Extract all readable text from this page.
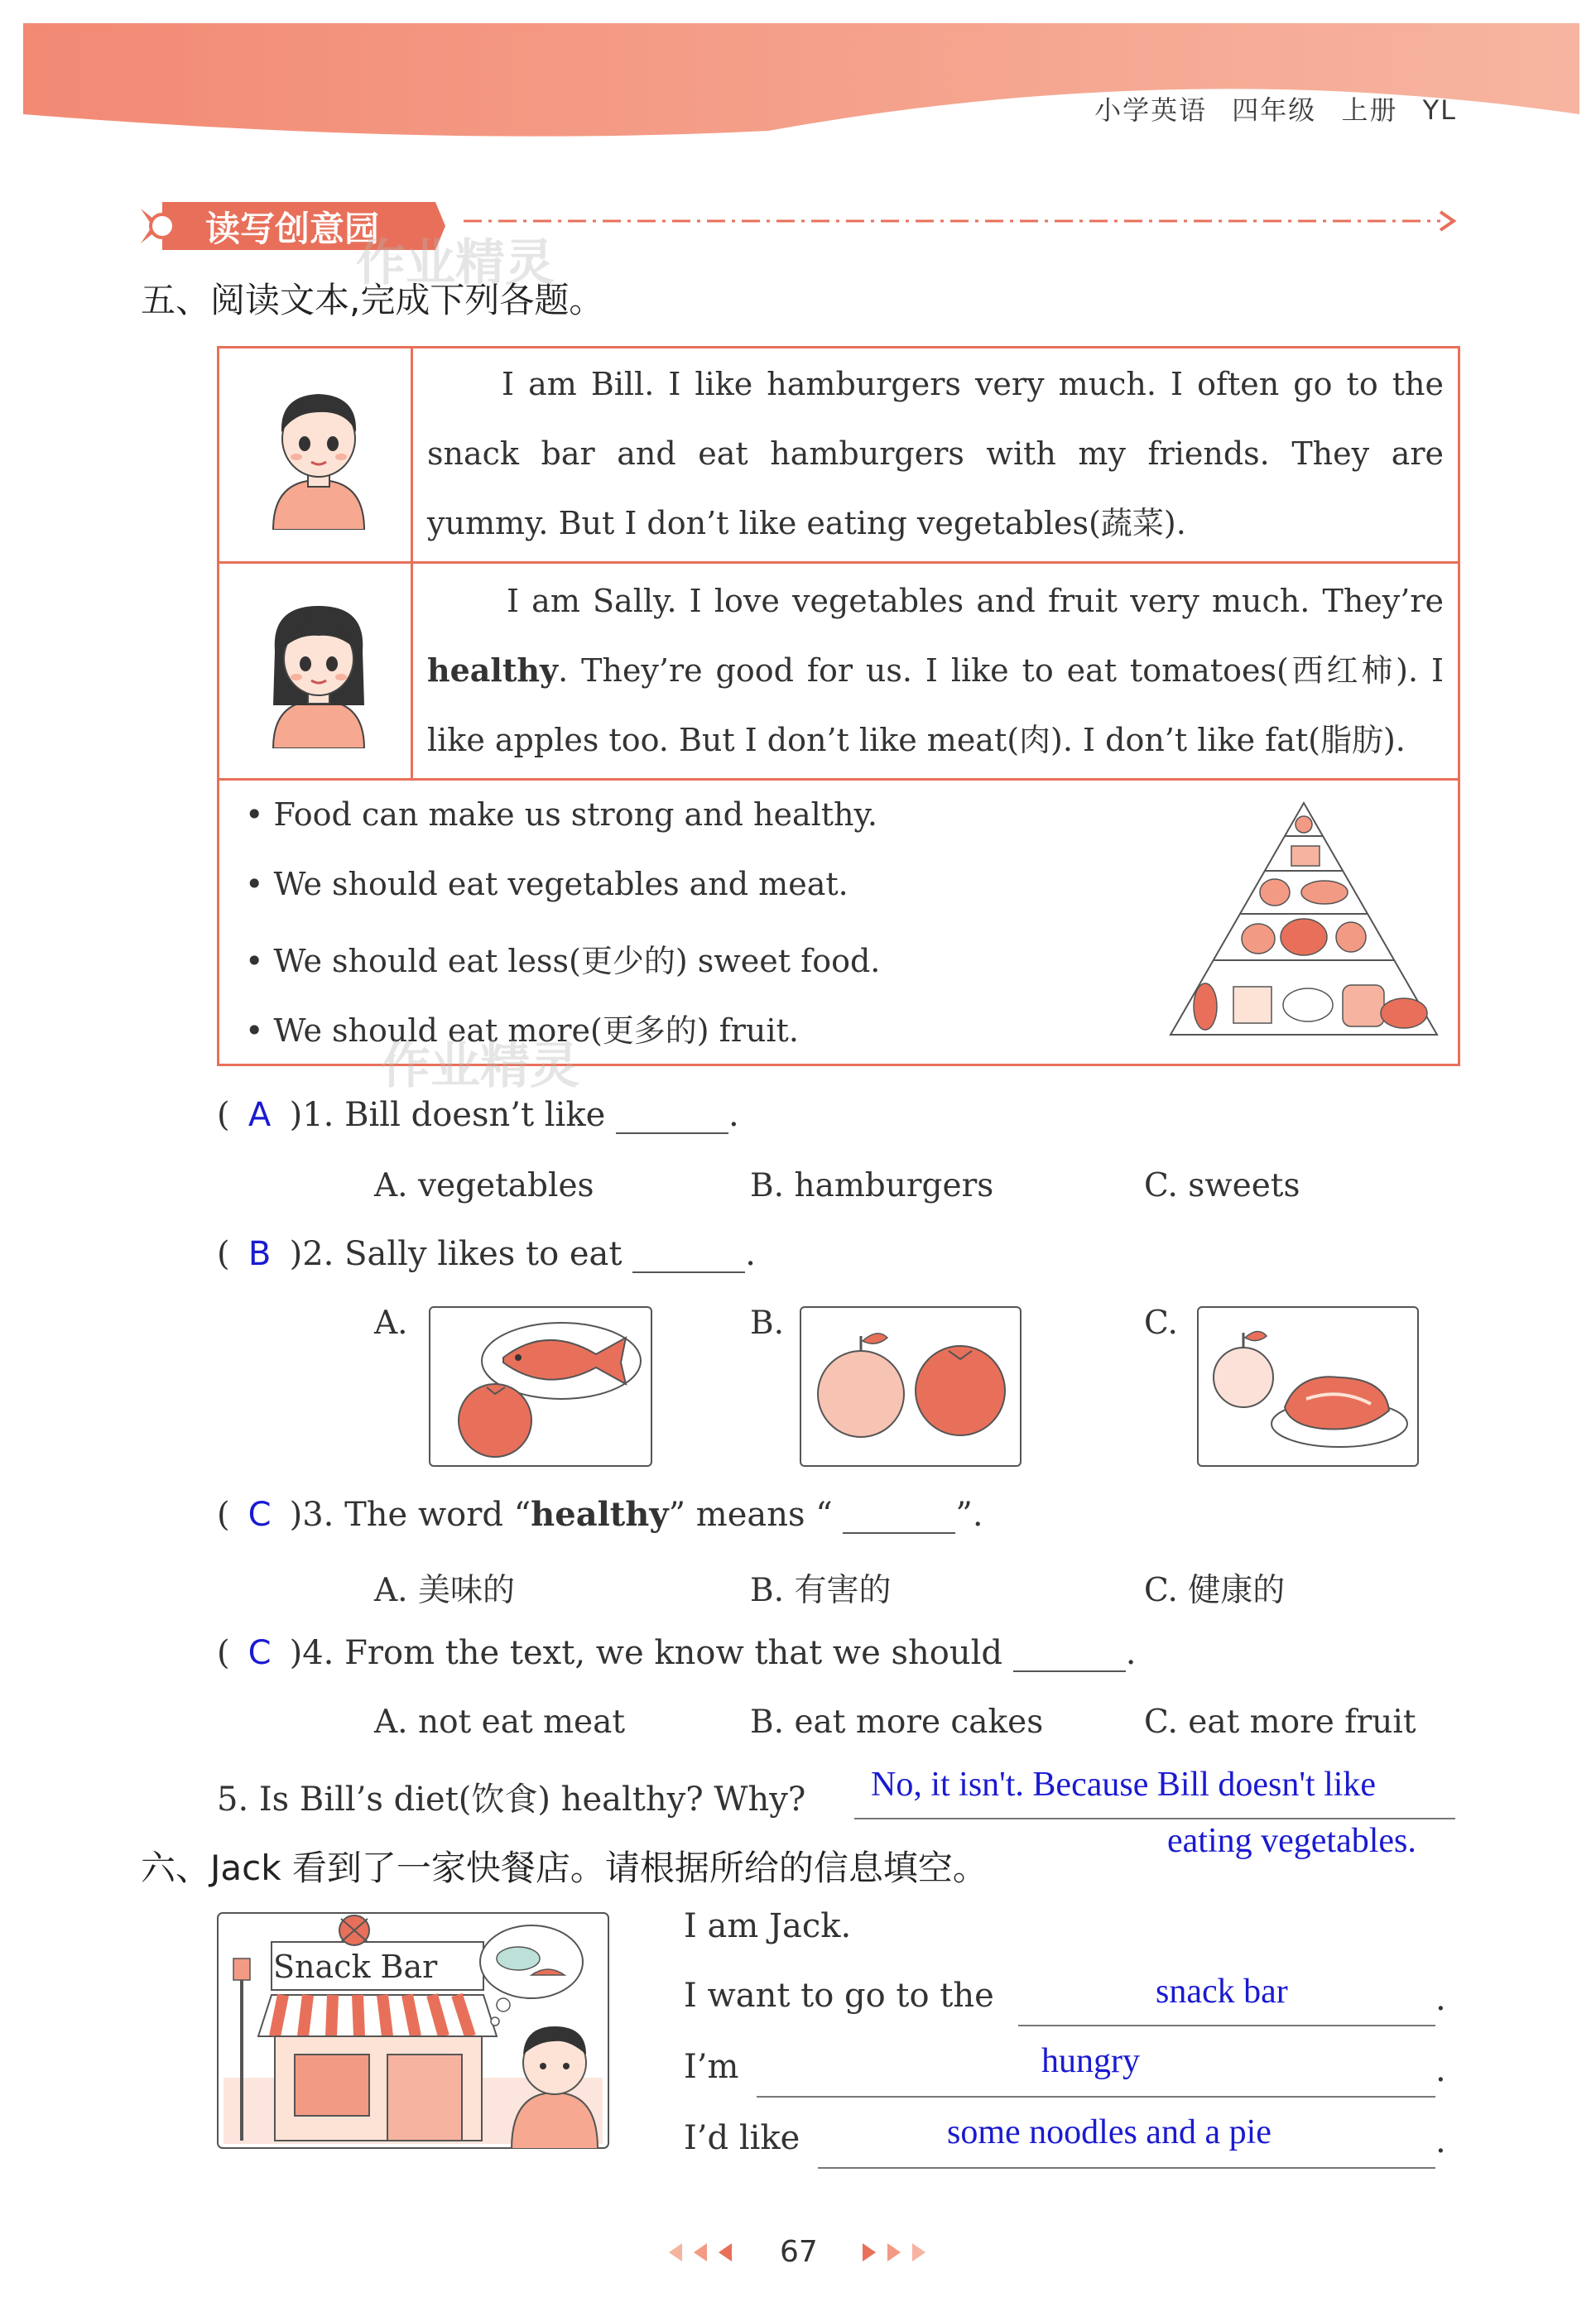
小学英语 四年级 上册 YL
读写创意园
作业精灵
五、阅读文本,完成下列各题。
I am Bill. I like hamburgers very much. I often go to the snack bar and eat hamburgers with my friends. They are yummy. But I don’t like eating vegetables(蔬菜).
I am Sally. I love vegetables and fruit very much. They’re healthy. They’re good for us. I like to eat tomatoes(西红柿). I like apples too. But I don’t like meat(肉). I don’t like fat(脂肪).
• Food can make us strong and healthy.
• We should eat vegetables and meat.
• We should eat less(更少的) sweet food.
• We should eat more(更多的) fruit.
作业精灵
( A )1. Bill doesn’t like	.
A. vegetables	B. hamburgers	C. sweets
( B )2. Sally likes to eat	.
A.	B.	C.
( C )3. The word “healthy” means “	”.
A. 美味的	B. 有害的	C. 健康的
( C )4. From the text, we know that we should	.
A. not eat meat	B. eat more cakes	C. eat more fruit
5. Is Bill’s diet(饮食) healthy? Why? No, it isn't. Because Bill doesn't like
eating vegetables.
六、Jack 看到了一家快餐店。请根据所给的信息填空。
Snack Bar
I am Jack.
I want to go to the	snack bar	.
I’m	hungry	.
I’d like	some noodles and a pie	.
67
